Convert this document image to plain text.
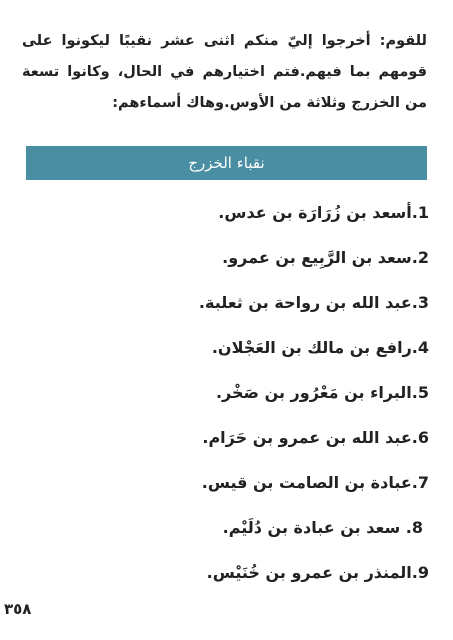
للقوم: أخرجوا إليّ منكم اثنى عشر نقيبًا ليكونوا على قومهم بما فيهم.فتم اختيارهم في الحال، وكانوا تسعة من الخزرج وثلاثة من الأوس.وهاك أسماءهم:

نقباء الخزرج
1.أسعد بن زُرَارَة بن عدس.
2.سعد بن الرَّبِيع بن عمرو.
3.عبد الله بن رواحة بن ثعلبة.
4.رافع بن مالك بن العَجْلان.
5.البراء بن مَعْرُور بن صَخْر.
6.عبد الله بن عمرو بن حَرَام.
7.عبادة بن الصامت بن قيس.
8. سعد بن عبادة بن دُلَيْم.
9.المنذر بن عمرو بن خُنَيْس.
٣٥٨
